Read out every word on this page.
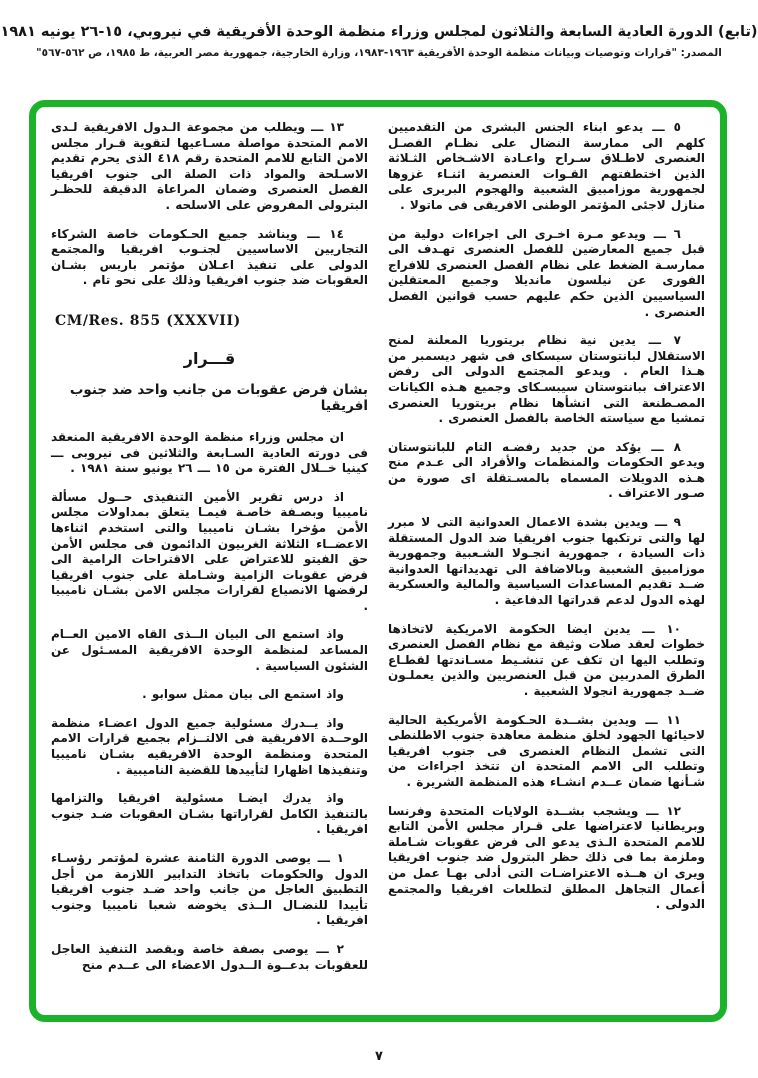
(تابع) الدورة العادية السابعة والثلاثون لمجلس وزراء منظمة الوحدة الأفريقية في نيروبي، ١٥-٢٦ يونيه ١٩٨١
المصدر: "قرارات وتوصيات وبيانات منظمة الوحدة الأفريقية ١٩٦٣-١٩٨٣، وزارة الخارجية، جمهورية مصر العربية، ط ١٩٨٥، ص ٥٦٢-٥٦٧"

٥ ـــ يدعو ابناء الجنس البشرى من التقدميين كلهم الى ممارسة النضال على نظـام الفصـل العنصرى لاطـلاق سـراح واعـادة الاشـخاص الثـلاثة الذين اختطفتهم القـوات العنصرية اثنـاء غزوها لجمهورية موزامبيق الشعبية والهجوم البربرى على منازل لاجئى المؤتمر الوطنى الافريقى فى ماتولا .

٦ ـــ ويدعو مـرة اخـرى الى اجراءات دولية من قبل جميع المعارضين للفصل العنصرى تهـدف الى ممارسـة الضغط على نظام الفصل العنصرى للافراج الفورى عن نيلسون مانديلا وجميع المعتقلين السياسيين الذين حكم عليهم حسب قوانين الفصل العنصرى .

٧ ـــ يدين نية نظام بريتوريا المعلنة لمنح الاستقلال لبانتوستان سيسكاى فى شهر ديسمبر من هـذا العام . ويدعو المجتمع الدولى الى رفض الاعتراف ببانتوستان سيبسـكاى وجميع هـذه الكيانات المصـطنعة التى انشأها نظام بريتوريا العنصرى تمشيا مع سياسته الخاصة بالفصل العنصرى .

٨ ـــ يؤكد من جديد رفضـه التام للبانتوستان ويدعو الحكومات والمنظمات والأفراد الى عـدم منح هـذه الدويلات المسماه بالمسـتقلة اى صورة من صـور الاعتراف .

٩ ـــ ويدين بشدة الاعمال العدوانية التى لا مبرر لها والتى ترتكبها جنوب افريقيا ضد الدول المستقلة ذات السيادة ، جمهورية انجـولا الشـعبية وجمهورية موزامبيق الشعبية وبالاضافة الى تهديداتها العدوانية ضــد تقديم المساعدات السياسية والمالية والعسكرية لهذه الدول لدعم قدراتها الدفاعية .

١٠ ـــ يدين ايضا الحكومة الامريكية لاتخاذها خطوات لعقد صلات وثيقة مع نظام الفصل العنصرى وتطلب اليها ان تكف عن تنشـيط مسـاندتها لقطـاع الطرق المدربين من قبل العنصريين والذين يعملـون ضــد جمهورية انجولا الشعبية .

١١ ـــ ويدين بشــدة الحـكومة الأمريكية الحالية لاحيائها الجهود لخلق منظمة معاهدة جنوب الاطلنطى التى تشمل النظام العنصرى فى جنوب افريقيا وتطلب الى الامم المتحدة ان تتخذ اجراءات من شـأنها ضمان عــدم انشـاء هذه المنظمة الشريرة .

١٢ ـــ ويشجب بشــدة الولايات المتحدة وفرنسا وبريطانيا لاعتراضها على قـرار مجلس الأمن التابع للامم المتحدة الـذى يدعو الى فرض عقوبات شـاملة وملزمة بما فى ذلك حظر البترول ضد جنوب افريقيا ويرى ان هــذه الاعتراضـات التى أدلى بهـا عمل من أعمال التجاهل المطلق لتطلعات افريقيا والمجتمع الدولى .

١٣ ـــ ويطلب من مجموعة الـدول الافريقية لـدى الامم المتحدة مواصلة مسـاعيها لتقوية قـرار مجلس الامن التابع للامم المتحدة رقم ٤١٨ الذى يحرم تقديم الاسـلحة والمواد ذات الصلة الى جنوب افريقيا الفصل العنصرى وضمان المراعاة الدقيقة للحظـر البترولى المفروض على الاسلحه .

١٤ ـــ ويناشد جميع الحـكومات خاصة الشركاء التجاريين الاساسيين لجنـوب افريقيا والمجتمع الدولى على تنفيذ اعـلان مؤتمر باريس بشـان العقوبات ضد جنوب افريقيا وذلك على نحو تام .

CM/Res. 855 (XXXVII)
قـــرار
بشان فرض عقوبات من جانب واحد ضد جنوب افريقيا

ان مجلس وزراء منظمة الوحدة الافريقية المنعقد فى دورته العادية السـابعة والثلاثين فى نيروبى ـــ كينيا خــلال الفترة من ١٥ ـــ ٢٦ يونيو سنة ١٩٨١ .

اذ درس تقرير الأمين التنفيذى حــول مسألة ناميبيا وبصـفة خاصـة فيمـا يتعلق بمداولات مجلس الأمن مؤخرا بشـان ناميبيا والتى استخدم اثناءها الاعضــاء الثلاثة الغربيون الدائمون فى مجلس الأمن حق الفيتو للاعتراض على الاقتراحات الرامية الى فرض عقوبات الزامية وشـاملة على جنوب افريقيا لرفضها الانصياع لقرارات مجلس الامن بشـان ناميبيا .

واذ استمع الى البيان الــذى القاه الامين العــام المساعد لمنظمة الوحدة الافريقية المسـئول عن الشئون السياسية .

واذ استمع الى بيان ممثل سوابو .

واذ يــدرك مسئولية جميع الدول اعضـاء منظمة الوحــدة الافريقية فى الالتــزام بجميع قرارات الامم المتحدة ومنظمة الوحدة الافريقيه بشـان ناميبيا وتنفيذها اظهارا لتأييدها للقضية الناميبية .

واذ يدرك ايضـا مسئولية افريقيا والتزامها بالتنفيذ الكامل لقراراتها بشـان العقوبات ضـد جنوب افريقيا .

١ ـــ يوصى الدورة الثامنة عشرة لمؤتمر رؤسـاء الدول والحكومات باتخاذ التدابير اللازمة من أجل التطبيق العاجل من جانب واحد ضـد جنوب افريقيا تأييدا للنضـال الــذى يخوضه شعبا ناميبيا وجنوب افريقيا .

٢ ـــ يوصى بصفة خاصة وبقصد التنفيذ العاجل للعقوبات بدعــوة الــدول الاعضاء الى عــدم منح

٧
